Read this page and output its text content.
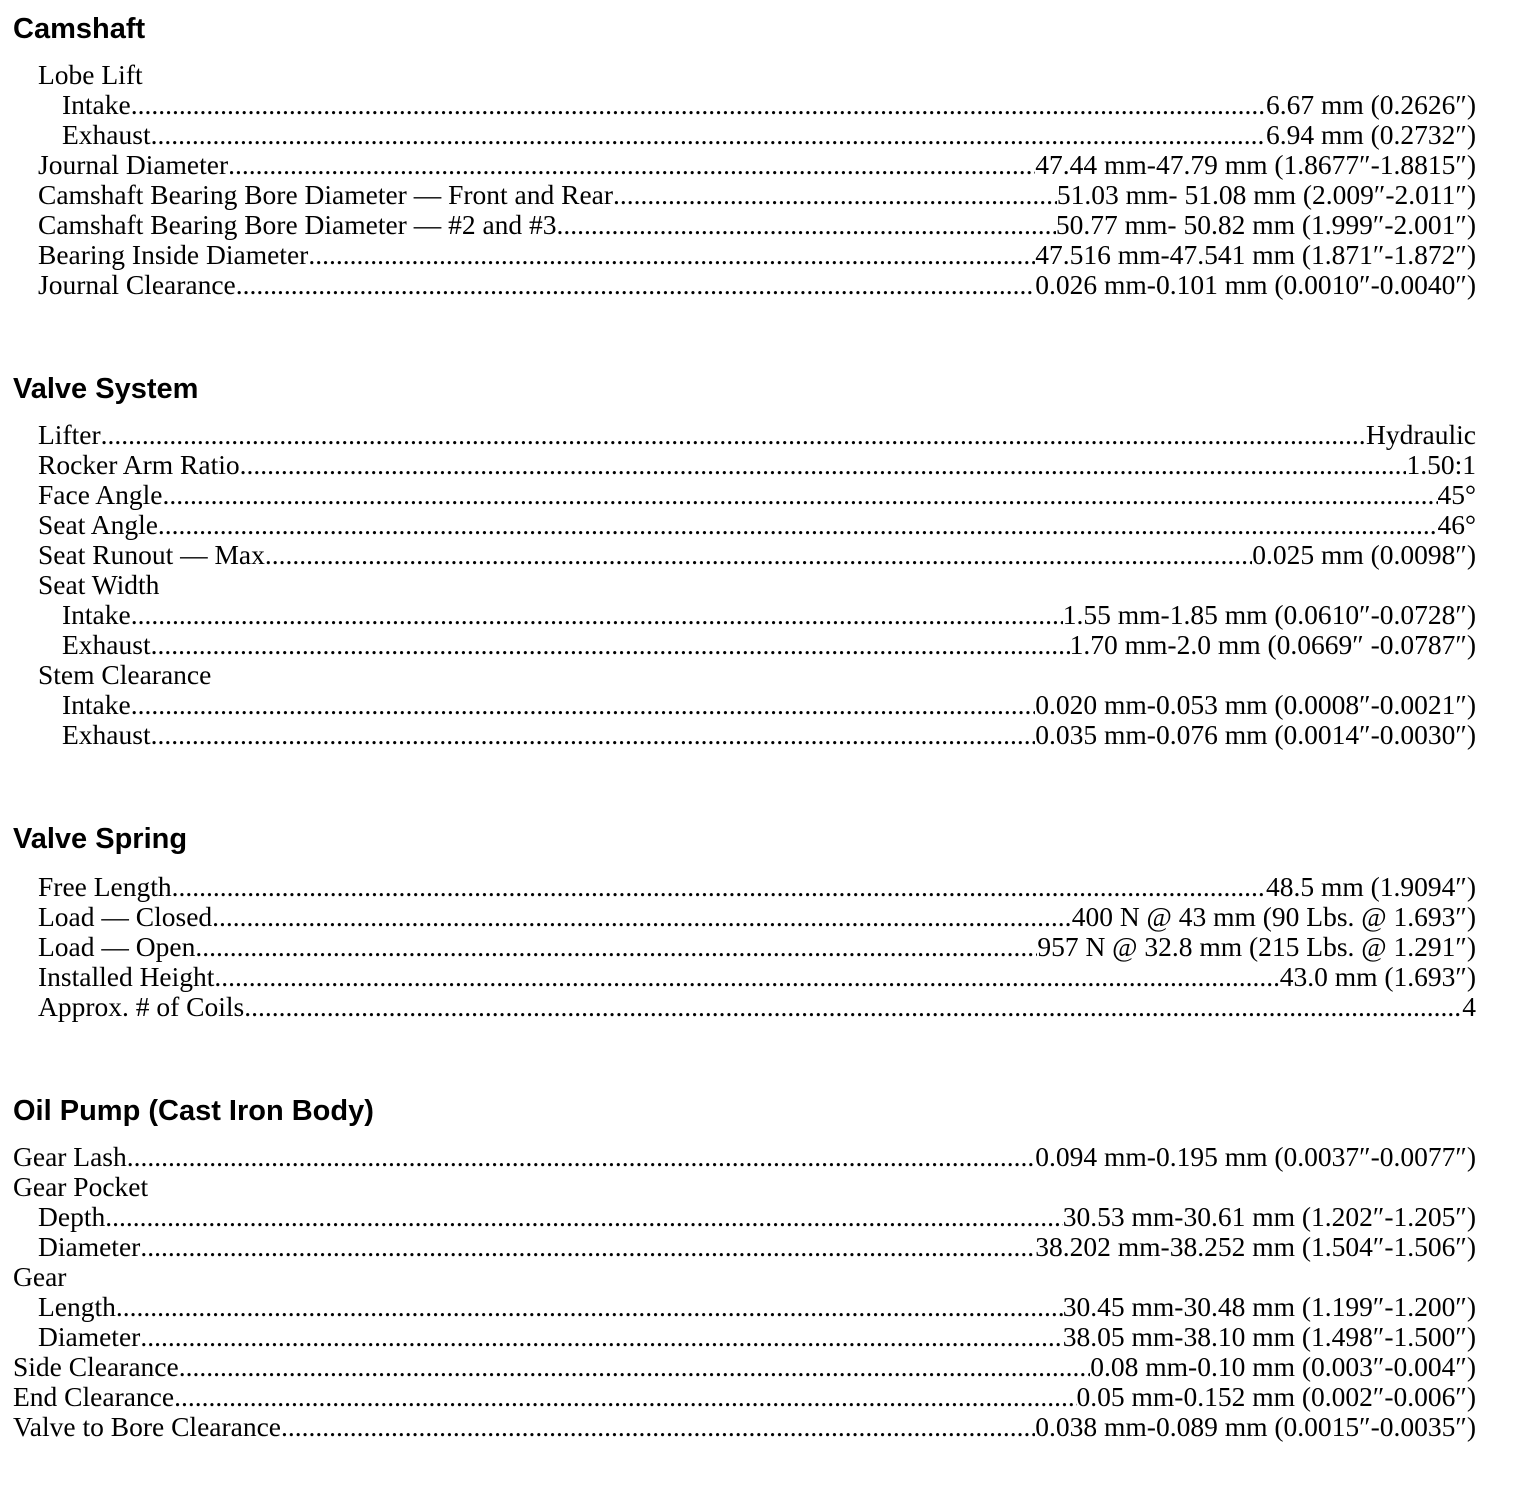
Camshaft
Lobe Lift
Intake .....	6.67 mm (0.2626″)
Exhaust .....	6.94 mm (0.2732″)
Journal Diameter .....	47.44 mm-47.79 mm (1.8677″-1.8815″)
Camshaft Bearing Bore Diameter — Front and Rear .....	51.03 mm- 51.08 mm (2.009″-2.011″)
Camshaft Bearing Bore Diameter — #2 and #3 .....	50.77 mm- 50.82 mm (1.999″-2.001″)
Bearing Inside Diameter .....	47.516 mm-47.541 mm (1.871″-1.872″)
Journal Clearance .....	0.026 mm-0.101 mm (0.0010″-0.0040″)
Valve System
Lifter .....	Hydraulic
Rocker Arm Ratio .....	1.50:1
Face Angle .....	45°
Seat Angle .....	46°
Seat Runout — Max .....	0.025 mm (0.0098″)
Seat Width
Intake .....	1.55 mm-1.85 mm (0.0610″-0.0728″)
Exhaust .....	1.70 mm-2.0 mm (0.0669″ -0.0787″)
Stem Clearance
Intake .....	0.020 mm-0.053 mm (0.0008″-0.0021″)
Exhaust .....	0.035 mm-0.076 mm (0.0014″-0.0030″)
Valve Spring
Free Length .....	48.5 mm (1.9094″)
Load — Closed .....	400 N @ 43 mm (90 Lbs. @ 1.693″)
Load — Open .....	957 N @ 32.8 mm (215 Lbs. @ 1.291″)
Installed Height .....	43.0 mm (1.693″)
Approx. # of Coils .....	4
Oil Pump (Cast Iron Body)
Gear Lash .....	0.094 mm-0.195 mm (0.0037″-0.0077″)
Gear Pocket
Depth .....	30.53 mm-30.61 mm (1.202″-1.205″)
Diameter .....	38.202 mm-38.252 mm (1.504″-1.506″)
Gear
Length .....	30.45 mm-30.48 mm (1.199″-1.200″)
Diameter .....	38.05 mm-38.10 mm (1.498″-1.500″)
Side Clearance .....	0.08 mm-0.10 mm (0.003″-0.004″)
End Clearance .....	0.05 mm-0.152 mm (0.002″-0.006″)
Valve to Bore Clearance .....	0.038 mm-0.089 mm (0.0015″-0.0035″)
